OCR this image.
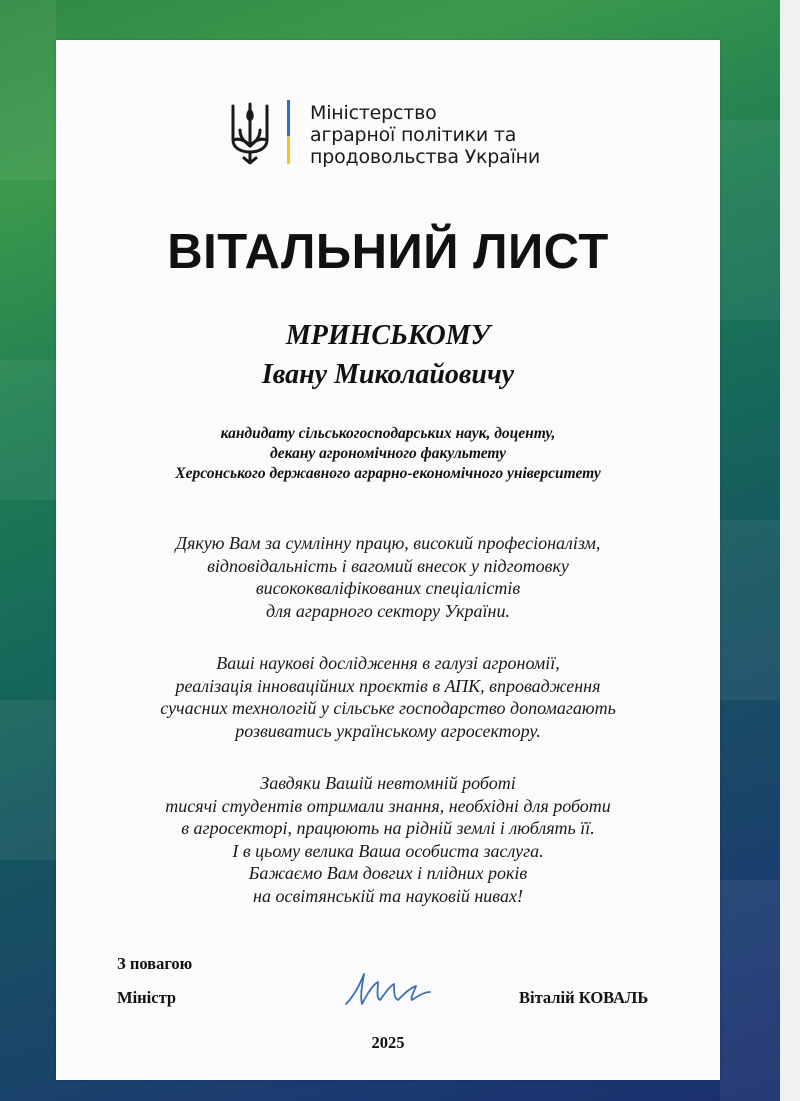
Міністерство
аграрної політики та
продовольства України
ВІТАЛЬНИЙ ЛИСТ
МРИНСЬКОМУ
Івану Миколайовичу
кандидату сільськогосподарських наук, доценту,
декану агрономічного факультету
Херсонського державного аграрно-економічного університету
Дякую Вам за сумлінну працю, високий професіоналізм,
відповідальність і вагомий внесок у підготовку
висококваліфікованих спеціалістів
для аграрного сектору України.
Ваші наукові дослідження в галузі агрономії,
реалізація інноваційних проєктів в АПК, впровадження
сучасних технологій у сільське господарство допомагають
розвиватись українському агросектору.
Завдяки Вашій невтомній роботі
тисячі студентів отримали знання, необхідні для роботи
в агросекторі, працюють на рідній землі і люблять її.
І в цьому велика Ваша особиста заслуга.
Бажаємо Вам довгих і плідних років
на освітянській та науковій нивах!
З повагою
Міністр	Віталій КОВАЛЬ
2025
